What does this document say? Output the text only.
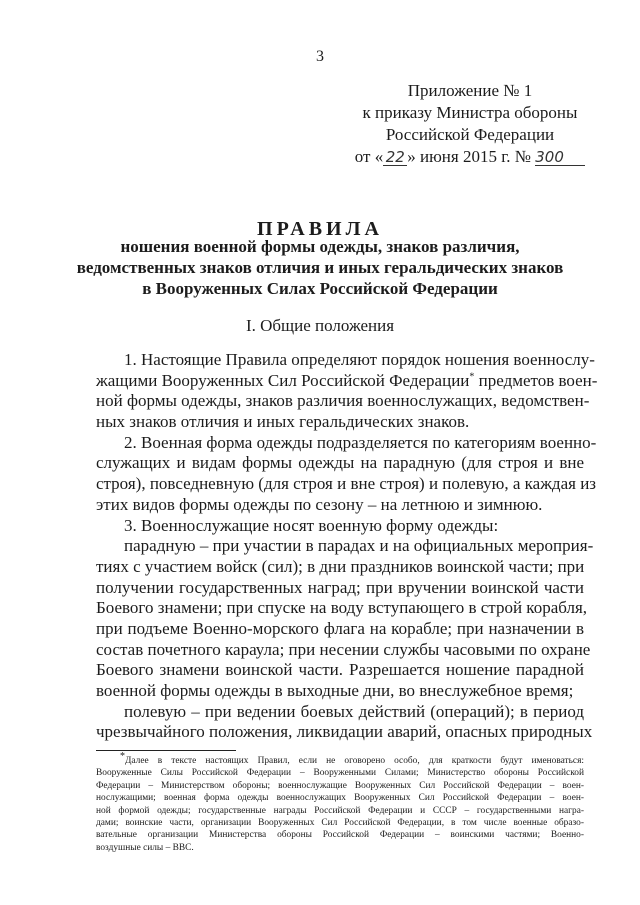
3
Приложение № 1
к приказу Министра обороны
Российской Федерации
от « 22 » июня 2015 г. № 300
ПРАВИЛА
ношения военной формы одежды, знаков различия,
ведомственных знаков отличия и иных геральдических знаков
в Вооруженных Силах Российской Федерации
I. Общие положения
1. Настоящие Правила определяют порядок ношения военнослу-
жащими Вооруженных Сил Российской Федерации* предметов воен-
ной формы одежды, знаков различия военнослужащих, ведомствен-
ных знаков отличия и иных геральдических знаков.
2. Военная форма одежды подразделяется по категориям военно-
служащих и видам формы одежды на парадную (для строя и вне
строя), повседневную (для строя и вне строя) и полевую, а каждая из
этих видов формы одежды по сезону – на летнюю и зимнюю.
3. Военнослужащие носят военную форму одежды:
парадную – при участии в парадах и на официальных мероприя-
тиях с участием войск (сил); в дни праздников воинской части; при
получении государственных наград; при вручении воинской части
Боевого знамени; при спуске на воду вступающего в строй корабля,
при подъеме Военно-морского флага на корабле; при назначении в
состав почетного караула; при несении службы часовыми по охране
Боевого знамени воинской части. Разрешается ношение парадной
военной формы одежды в выходные дни, во внеслужебное время;
полевую – при ведении боевых действий (операций); в период
чрезвычайного положения, ликвидации аварий, опасных природных
*Далее в тексте настоящих Правил, если не оговорено особо, для краткости будут именоваться:
Вооруженные Силы Российской Федерации – Вооруженными Силами; Министерство обороны Российской
Федерации – Министерством обороны; военнослужащие Вооруженных Сил Российской Федерации – воен-
нослужащими; военная форма одежды военнослужащих Вооруженных Сил Российской Федерации – воен-
ной формой одежды; государственные награды Российской Федерации и СССР – государственными награ-
дами; воинские части, организации Вооруженных Сил Российской Федерации, в том числе военные образо-
вательные организации Министерства обороны Российской Федерации – воинскими частями; Военно-
воздушные силы – ВВС.
